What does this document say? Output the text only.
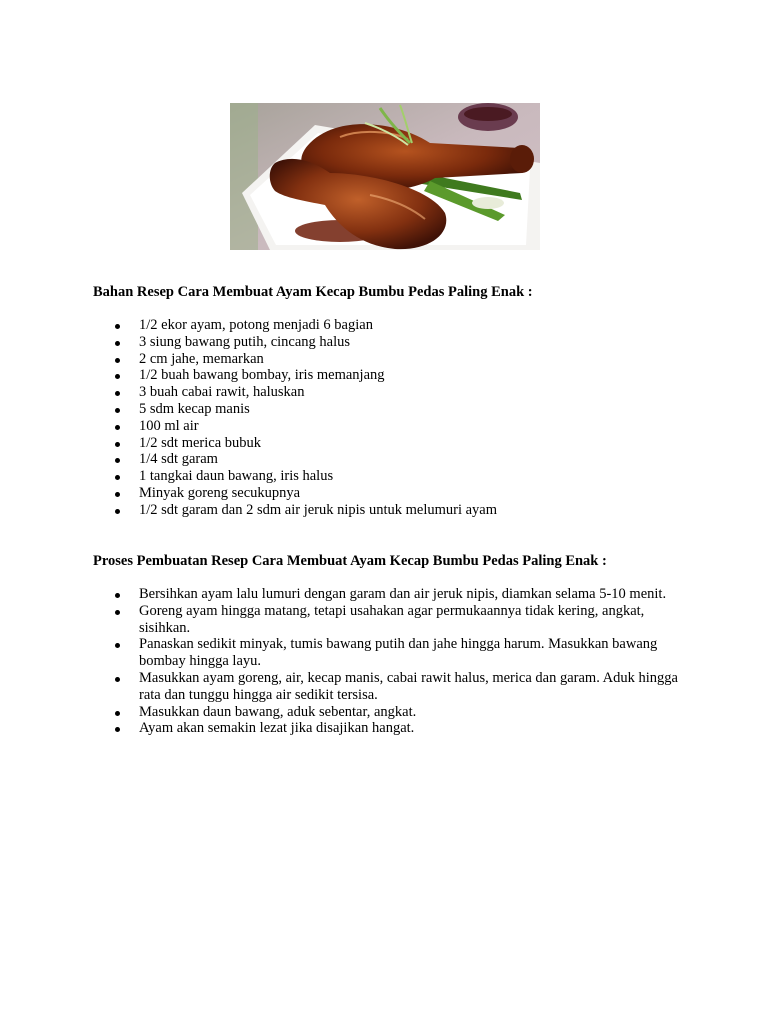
Bahan Resep Cara Membuat Ayam Kecap Bumbu Pedas Paling Enak :
1/2 ekor ayam, potong menjadi 6 bagian
3 siung bawang putih, cincang halus
2 cm jahe, memarkan
1/2 buah bawang bombay, iris memanjang
3 buah cabai rawit, haluskan
5 sdm kecap manis
100 ml air
1/2 sdt merica bubuk
1/4 sdt garam
1 tangkai daun bawang, iris halus
Minyak goreng secukupnya
1/2 sdt garam dan 2 sdm air jeruk nipis untuk melumuri ayam
Proses Pembuatan Resep Cara Membuat Ayam Kecap Bumbu Pedas Paling Enak :
Bersihkan ayam lalu lumuri dengan garam dan air jeruk nipis, diamkan selama 5-10 menit.
Goreng ayam hingga matang, tetapi usahakan agar permukaannya tidak kering, angkat, sisihkan.
Panaskan sedikit minyak, tumis bawang putih dan jahe hingga harum. Masukkan bawang bombay hingga layu.
Masukkan ayam goreng, air, kecap manis, cabai rawit halus, merica dan garam. Aduk hingga rata dan tunggu hingga air sedikit tersisa.
Masukkan daun bawang, aduk sebentar, angkat.
Ayam akan semakin lezat jika disajikan hangat.
